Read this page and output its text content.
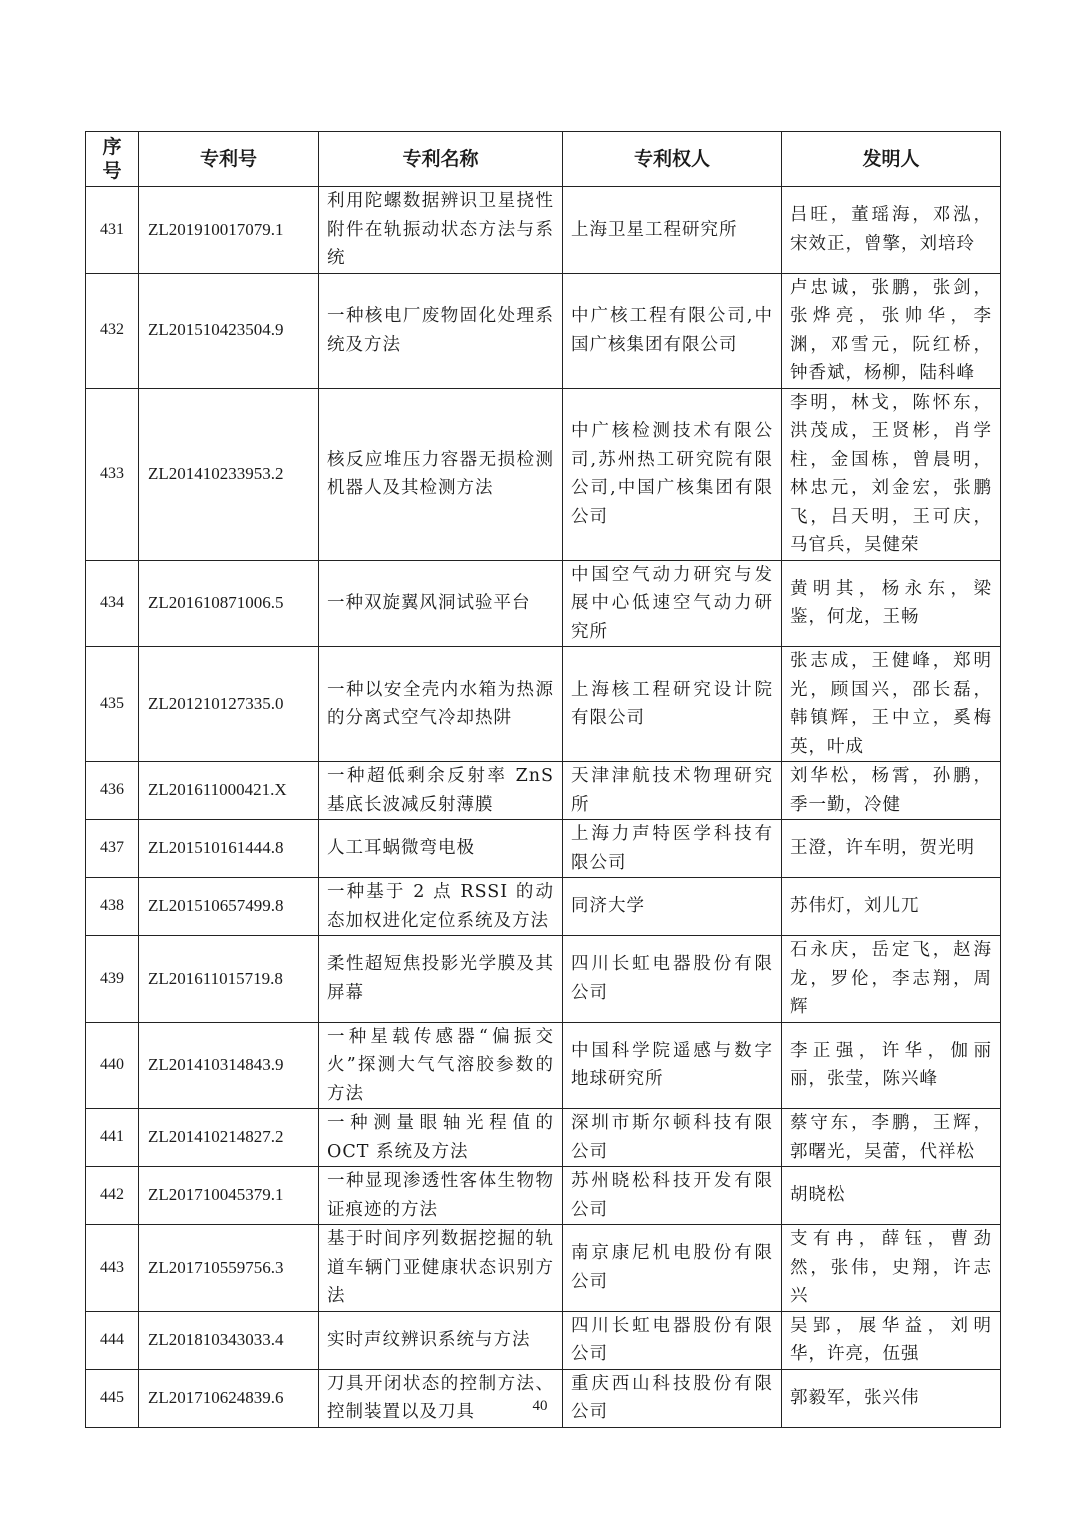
序号	专利号	专利名称	专利权人	发明人
431	ZL201910017079.1	利用陀螺数据辨识卫星挠性附件在轨振动状态方法与系统	上海卫星工程研究所	吕旺，董瑶海，邓泓，宋效正，曾擎，刘培玲
432	ZL201510423504.9	一种核电厂废物固化处理系统及方法	中广核工程有限公司,中国广核集团有限公司	卢忠诚，张鹏，张剑，张烨亮，张帅华，李渊，邓雪元，阮红桥，钟香斌，杨柳，陆科峰
433	ZL201410233953.2	核反应堆压力容器无损检测机器人及其检测方法	中广核检测技术有限公司,苏州热工研究院有限公司,中国广核集团有限公司	李明，林戈，陈怀东，洪茂成，王贤彬，肖学柱，金国栋，曾晨明，林忠元，刘金宏，张鹏飞，吕天明，王可庆，马官兵，吴健荣
434	ZL201610871006.5	一种双旋翼风洞试验平台	中国空气动力研究与发展中心低速空气动力研究所	黄明其，杨永东，梁鉴，何龙，王畅
435	ZL201210127335.0	一种以安全壳内水箱为热源的分离式空气冷却热阱	上海核工程研究设计院有限公司	张志成，王健峰，郑明光，顾国兴，邵长磊，韩镇辉，王中立，奚梅英，叶成
436	ZL201611000421.X	一种超低剩余反射率 ZnS 基底长波减反射薄膜	天津津航技术物理研究所	刘华松，杨霄，孙鹏，季一勤，冷健
437	ZL201510161444.8	人工耳蜗微弯电极	上海力声特医学科技有限公司	王澄，许车明，贺光明
438	ZL201510657499.8	一种基于 2 点 RSSI 的动态加权进化定位系统及方法	同济大学	苏伟灯，刘儿兀
439	ZL201611015719.8	柔性超短焦投影光学膜及其屏幕	四川长虹电器股份有限公司	石永庆，岳定飞，赵海龙，罗伦，李志翔，周辉
440	ZL201410314843.9	一种星载传感器“偏振交火”探测大气气溶胶参数的方法	中国科学院遥感与数字地球研究所	李正强，许华，伽丽丽，张莹，陈兴峰
441	ZL201410214827.2	一种测量眼轴光程值的 OCT 系统及方法	深圳市斯尔顿科技有限公司	蔡守东，李鹏，王辉，郭曙光，吴蕾，代祥松
442	ZL201710045379.1	一种显现渗透性客体生物物证痕迹的方法	苏州晓松科技开发有限公司	胡晓松
443	ZL201710559756.3	基于时间序列数据挖掘的轨道车辆门亚健康状态识别方法	南京康尼机电股份有限公司	支有冉，薛钰，曹劲然，张伟，史翔，许志兴
444	ZL201810343033.4	实时声纹辨识系统与方法	四川长虹电器股份有限公司	吴郢，展华益，刘明华，许亮，伍强
445	ZL201710624839.6	刀具开闭状态的控制方法、控制装置以及刀具	重庆西山科技股份有限公司	郭毅军，张兴伟
40
